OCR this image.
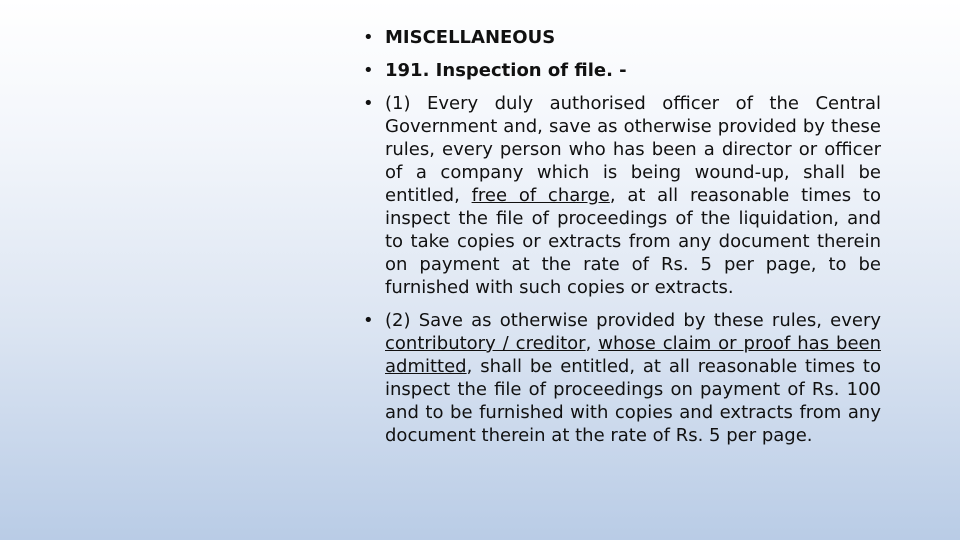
• MISCELLANEOUS
• 191. Inspection of file. -
• (1) Every duly authorised officer of the Central Government and, save as otherwise provided by these rules, every person who has been a director or officer of a company which is being wound-up, shall be entitled, free of charge, at all reasonable times to inspect the file of proceedings of the liquidation, and to take copies or extracts from any document therein on payment at the rate of Rs. 5 per page, to be furnished with such copies or extracts.
• (2) Save as otherwise provided by these rules, every contributory / creditor, whose claim or proof has been admitted, shall be entitled, at all reasonable times to inspect the file of proceedings on payment of Rs. 100 and to be furnished with copies and extracts from any document therein at the rate of Rs. 5 per page.
